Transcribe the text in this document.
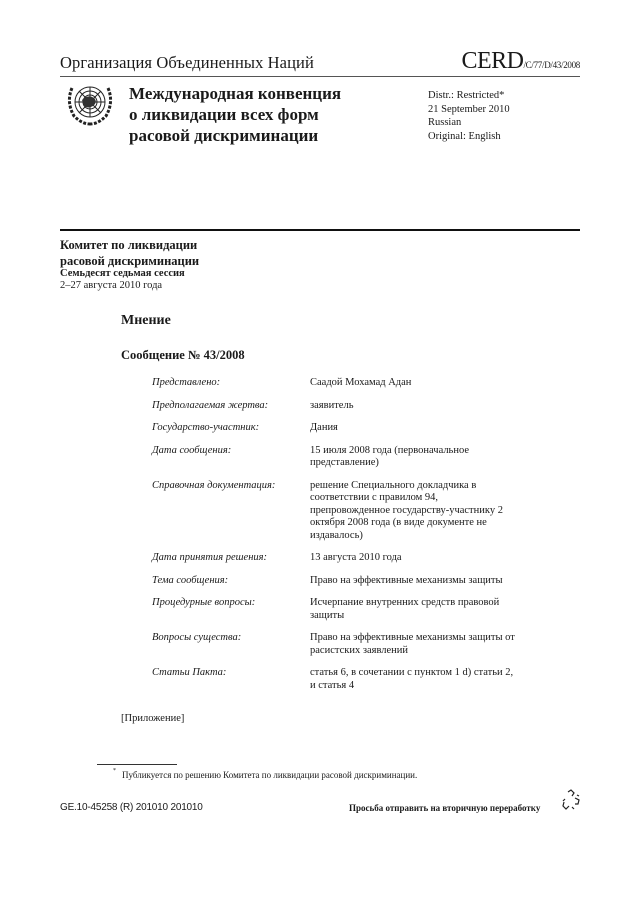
Организация Объединенных Наций	CERD/C/77/D/43/2008
Международная конвенция
о ликвидации всех форм
расовой дискриминации
Distr.: Restricted*
21 September 2010
Russian
Original: English
Комитет по ликвидации
расовой дискриминации
Семьдесят седьмая сессия
2–27 августа 2010 года
Мнение
Сообщение № 43/2008
Представлено:	Саадой Мохамад Адан
Предполагаемая жертва:	заявитель
Государство-участник:	Дания
Дата сообщения:	15 июля 2008 года (первоначальное представление)
Справочная документация:	решение Специального докладчика в соответствии с правилом 94, препровожденное государству-участнику 2 октября 2008 года (в виде документе не издавалось)
Дата принятия решения:	13 августа 2010 года
Тема сообщения:	Право на эффективные механизмы защиты
Процедурные вопросы:	Исчерпание внутренних средств правовой защиты
Вопросы существа:	Право на эффективные механизмы защиты от расистских заявлений
Статьи Пакта:	статья 6, в сочетании с пунктом 1 d) статьи 2, и статья 4
[Приложение]
* Публикуется по решению Комитета по ликвидации расовой дискриминации.
GE.10-45258 (R) 201010 201010	Просьба отправить на вторичную переработку
